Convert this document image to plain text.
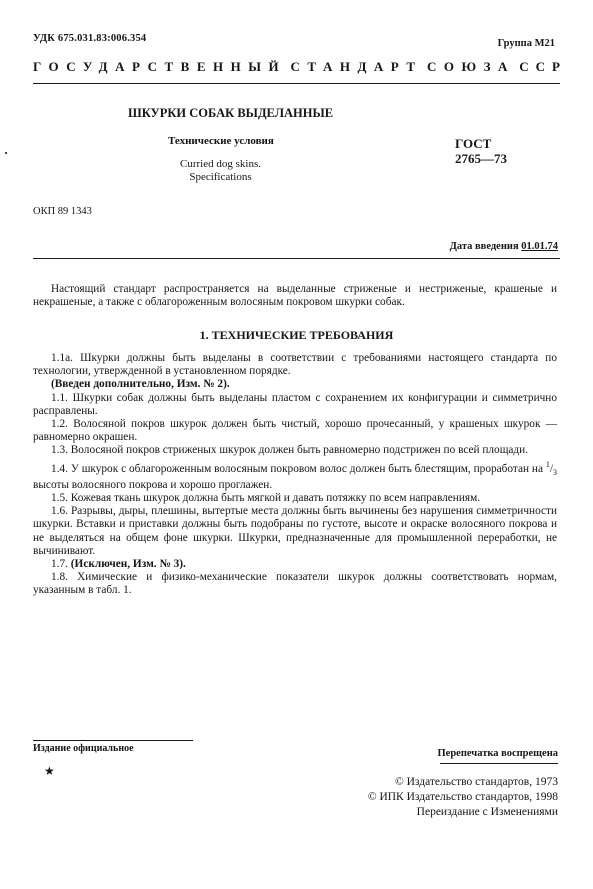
УДК 675.031.83:006.354	Группа М21
ГОСУДАРСТВЕННЫЙ СТАНДАРТ СОЮЗА ССР
ШКУРКИ СОБАК ВЫДЕЛАННЫЕ
Технические условия
Curried dog skins.
Specifications
ГОСТ
2765—73
ОКП 89 1343
Дата введения 01.01.74

Настоящий стандарт распространяется на выделанные стриженые и нестриженые, крашеные и некрашеные, а также с облагороженным волосяным покровом шкурки собак.

1. ТЕХНИЧЕСКИЕ ТРЕБОВАНИЯ

1.1а. Шкурки должны быть выделаны в соответствии с требованиями настоящего стандарта по технологии, утвержденной в установленном порядке.

(Введен дополнительно, Изм. № 2).

1.1. Шкурки собак должны быть выделаны пластом с сохранением их конфигурации и симметрично расправлены.

1.2. Волосяной покров шкурок должен быть чистый, хорошо прочесанный, у крашеных шкурок — равномерно окрашен.

1.3. Волосяной покров стриженых шкурок должен быть равномерно подстрижен по всей площади.

1.4. У шкурок с облагороженным волосяным покровом волос должен быть блестящим, проработан на $^1/_3$ высоты волосяного покрова и хорошо проглажен.

1.5. Кожевая ткань шкурок должна быть мягкой и давать потяжку по всем направлениям.

1.6. Разрывы, дыры, плешины, вытертые места должны быть вычинены без нарушения симметричности шкурки. Вставки и приставки должны быть подобраны по густоте, высоте и окраске волосяного покрова и не выделяться на общем фоне шкурки. Шкурки, предназначенные для промышленной переработки, не вычинивают.

1.7. (Исключен, Изм. № 3).

1.8. Химические и физико-механические показатели шкурок должны соответствовать нормам, указанным в табл. 1.

Издание официальное	Перепечатка воспрещена
★
© Издательство стандартов, 1973
© ИПК Издательство стандартов, 1998
Переиздание с Изменениями
